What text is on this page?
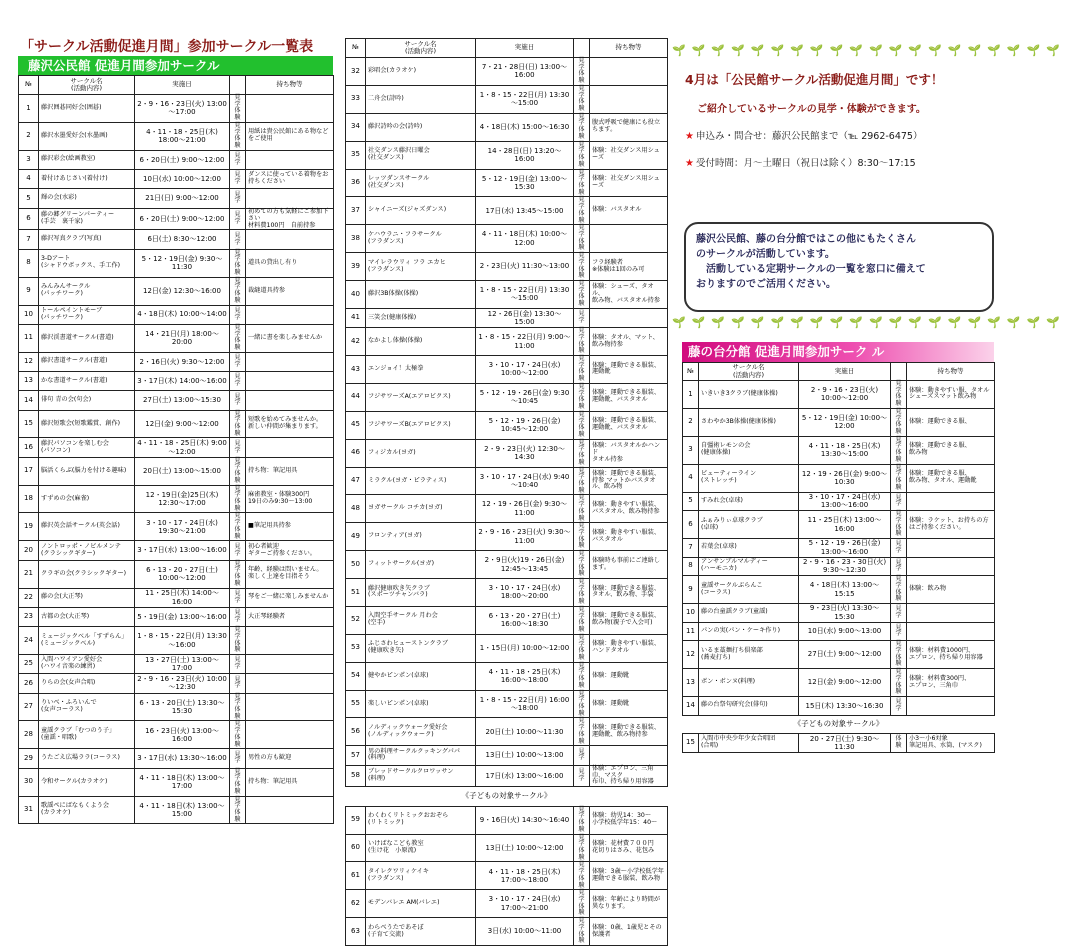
「サークル活動促進月間」参加サークル一覧表
藤沢公民館 促進月間参加サークル
№	サークル名
(活動内容)	実施日		持ち物等
1	藤沢囲碁同好会(囲碁)	2・9・16・23日(火) 13:00～17:00	見学
体験	
2	藤沢水墨愛好会(水墨画)	4・11・18・25日(木) 18:00～21:00	見学
体験	用紙は貴公民館にある物などをご使用
3	藤沢彩会(絵画教室)	6・20日(土) 9:00～12:00	見学	
4	着付けあじさい(着付け)	10日(水) 10:00～12:00	見学	ダンスに使っている着物をお持ちください
5	輝の会(水彩)	21日(日) 9:00～12:00	見学	
6	藤の郷グリーンパーティー
(手芸　裏千家)	6・20日(土) 9:00～12:00	見学	初めての方も気軽にご参加下さい
材料費100円　自前持参
7	藤沢写真クラブ(写真)	6日(土) 8:30～12:00	見学	
8	3-Dアート
(シャドウボックス、手工作)	5・12・19日(金) 9:30～11:30	見学
体験	道具の貸出し有り
9	みんみんサークル
(パッチワーク)	12日(金) 12:30～16:00	見学
体験	裁縫道具持参
10	トールペイントモーブ
(パッチワーク)	4・18日(木) 10:00～14:00	見学	
11	藤沢渓書道サークル(書道)	14・21日(月) 18:00～20:00	見学
体験	一緒に書を楽しみませんか
12	藤沢書道サークル(書道)	2・16日(火) 9:30～12:00	見学	
13	かな書道サークル(書道)	3・17日(木) 14:00～16:00	見学	
14	俳句 青の会(句会)	27日(土) 13:00～15:30	見学	
15	藤沢短歌会(短歌鑑賞、創作)	12日(金) 9:00～12:00	見学
体験	短歌を始めてみませんか。
新しい仲間が集まります。
16	藤沢パソコンを楽しむ会
(パソコン)	4・11・18・25日(木) 9:00～12:00	見学	
17	脳活くらぶ(脳力を付ける趣味)	20日(土) 13:00～15:00	見学
体験	持ち物：筆記用具
18	すずめの会(麻雀)	12・19日(金)25日(木) 12:30～17:00	見学
体験	麻雀教室・体験300円
19日のみ9:30～13:00
19	藤沢英会話サークル(英会話)	3・10・17・24日(水) 19:30～21:00	見学
体験	■筆記用具持参
20	ノントロッポ・ノビルメンテ
(クラシックギター)	3・17日(水) 13:00～16:00	見学	初心者歓迎
ギターご持参ください。
21	クラギの会(クラシックギター)	6・13・20・27日(土) 10:00～12:00	見学
体験	年齢、経験は問いません。
楽しく上達を目指そう
22	藤の会(大正琴)	11・25日(木) 14:00～16:00	見学	琴をご一緒に楽しみませんか
23	古都の会(大正琴)	5・19日(金) 13:00～16:00	見学	大正琴経験者
24	ミュージックベル「すずらん」
(ミュージックベル)	1・8・15・22日(月) 13:30～16:00	見学
体験	
25	入間ハワイアン愛好会
(ハワイ音楽の練習)	13・27日(土) 13:00～17:00	見学	
26	りらの会(女声合唱)	2・9・16・23日(火) 10:00～12:30	見学	
27	りいべ・ふろいんで
(女声コーラス)	6・13・20日(土) 13:30～15:30	見学
体験	
28	童謡クラブ「むつのう子」
(童謡・唱歌)	16・23日(火) 13:00～16:00	見学
体験	
29	うたごえ広場ララ(コーラス)	3・17日(水) 13:30～16:00	見学	男性の方も歓迎
30	令和サークル(カラオケ)	4・11・18日(木) 13:00～17:00	見学
体験	持ち物：筆記用具
31	歌謡ぺにばなもくよう会
(カラオケ)	4・11・18日(木) 13:00～15:00	見学
体験	
№	サークル名
(活動内容)	実施日		持ち物等
32	彩唱会(カラオケ)	7・21・28日(日) 13:00～16:00	見学
体験	
33	二舟会(詩吟)	1・8・15・22日(月) 13:30～15:00	見学
体験	
34	藤沢詩吟の会(詩吟)	4・18日(木) 15:00～16:30	見学
体験	腹式呼吸で健康にも役立ちます。
35	社交ダンス藤沢日曜会
(社交ダンス)	14・28日(日) 13:20～16:00	見学
体験	体験：社交ダンス用シューズ
36	レッツダンスサークル
(社交ダンス)	5・12・19日(金) 13:00～15:30	見学
体験	体験：社交ダンス用シューズ
37	シャイニーズ(ジャズダンス)	17日(水) 13:45～15:00	見学
体験	体験：バスタオル
38	ケハウラニ・フラサークル
(フラダンス)	4・11・18日(木) 10:00～12:00	見学
体験	
39	マイレラウリィ フラ エカヒ
(フラダンス)	2・23日(火) 11:30～13:00	見学
体験	フラ経験者
※体験は1回のみ可
40	藤沢3B体操(体操)	1・8・15・22日(月) 13:30～15:00	見学
体験	体験：シューズ、タオル、
飲み物、バスタオル持参
41	三笑会(健康体操)	12・26日(金) 13:30～15:00	見学	
42	なかよし体操(体操)	1・8・15・22日(月) 9:00～11:00	見学
体験	体験：タオル、マット、
飲み物持参
43	エンジョイ！太極拳	3・10・17・24日(水) 10:00～12:00	見学
体験	体験：運動できる服装、
運動靴
44	フジサワーズA(エアロビクス)	5・12・19・26日(金) 9:30～10:45	見学
体験	体験：運動できる服装、
運動靴、バスタオル
45	フジサワーズB(エアロビクス)	5・12・19・26日(金) 10:45～12:00	見学
体験	体験：運動できる服装、
運動靴、バスタオル
46	フィジカル(ヨガ)	2・9・23日(火) 12:30～14:30	見学
体験	体験：バスタオルかハンド
タオル持参
47	ミラクル(ヨガ・ピラティス)	3・10・17・24日(水) 9:40～10:40	見学
体験	体験：運動できる服装、
持参 マットかバスタオル、飲み物
48	ヨガサークル コチカ(ヨガ)	12・19・26日(金) 9:30～11:00	見学
体験	体験：動きやすい服装、
バスタオル、飲み物持参
49	フロンティア(ヨガ)	2・9・16・23日(火) 9:30～11:00	見学
体験	体験：動きやすい服装、
バスタオル
50	フィットサークル(ヨガ)	2・9日(火)19・26日(金) 12:45～13:45	見学
体験	体験時も事前にご連絡します。
51	藤沢健康吹き矢クラブ
(スポーツチャンバラ)	3・10・17・24日(水) 18:00～20:00	見学
体験	体験：運動できる服装、
タオル、飲み物、手袋
52	入間空手サークル 月わ会
(空手)	6・13・20・27日(土) 16:00～18:30	見学
体験	体験：運動できる服装、
飲み物(親子で入会可)
53	ふじさわヒューストンクラブ
(健康吹き矢)	1・15日(月) 10:00～12:00	見学
体験	体験：動きやすい服装、
ハンドタオル
54	健やかピンポン(卓球)	4・11・18・25日(木) 16:00～18:00	見学
体験	体験：運動靴
55	楽しいピンポン(卓球)	1・8・15・22日(月) 16:00～18:00	見学
体験	体験：運動靴
56	ノルディックウォーク愛好会
(ノルディックウォーク)	20日(土) 10:00～11:30	見学
体験	体験：運動できる服装、
運動靴、飲み物持参
57	男の料理サークルクッキングパパ
(料理)	13日(土) 10:00～13:00	見学	
58	ブレッドサークルクロワッサン
(料理)	17日(水) 13:00～16:00	見学	体験：エプロン、三角巾、マスク
布巾、持ち帰り用容器
《子どもの対象サークル》				
59	わくわくリトミックおおぞら
(リトミック)	9・16日(火) 14:30～16:40	見学
体験	体験：幼児14：30～
小学校低学年15：40～
60	いけばなこども教室
(生け花　小原流)	13日(土) 10:00～12:00	見学
体験	体験：花材費７００円
花切りはさみ、花包み
61	タイレクワリィケイキ
(フラダンス)	4・11・18・25日(木) 17:00～18:00	見学
体験	体験：3歳～小学校低学年
運動できる服装、飲み物
62	モデンバレエ AM(バレエ)	3・10・17・24日(水) 17:00～21:00	見学
体験	体験：年齢により時間が異なります。
63	わらべうたであそぼ
(子育て交流)	3日(水) 10:00～11:00	見学
体験	体験：0歳、1歳児とその保護者
🌱🌱🌱🌱🌱🌱🌱🌱🌱🌱🌱🌱🌱🌱🌱🌱🌱🌱🌱🌱
4月は「公民館サークル活動促進月間」です！
ご紹介しているサークルの見学・体験ができます。
★ 申込み・問合せ：藤沢公民館まで（℡ 2962-6475）
★ 受付時間：月～土曜日（祝日は除く）8:30～17:15

藤沢公民館、藤の台分館ではこの他にもたくさん

のサークルが活動しています。

　活動している定期サークルの一覧を窓口に備えて

おりますのでご活用ください。

🌱🌱🌱🌱🌱🌱🌱🌱🌱🌱🌱🌱🌱🌱🌱🌱🌱🌱🌱🌱
藤の台分館 促進月間参加サーク ル
№	サークル名
(活動内容)	実施日		持ち物等
1	いきいき3クラブ(健康体操)	2・9・16・23日(火) 10:00～12:00	見学
体験	体験：動きやすい服、タオルシューズスマット飲み物
2	さわやか3B体操(健康体操)	5・12・19日(金) 10:00～12:00	見学
体験	体験：運動できる服、
3	自彊術レモンの会
(健康体操)	4・11・18・25日(木) 13:30～15:00	見学
体験	体験：運動できる服、
飲み物
4	ビューティーライン
(ストレッチ)	12・19・26日(金) 9:00～10:30	見学
体験	体験：運動できる服、
飲み物、タオル、運動靴
5	すみれ会(卓球)	3・10・17・24日(水) 13:00～16:00	見学	
6	ふぁみりぃ卓球クラブ
(卓球)	11・25日(木) 13:00～16:00	見学
体験	体験：ラケット、お持ちの方はご持参ください。
7	若葉会(卓球)	5・12・19・26日(金) 13:00～16:00	見学	
8	アンサンブルマルディー
(ハーモニカ)	2・9・16・23・30日(火) 9:30～12:30	見学	
9	童謡サークルぶらんこ
(コーラス)	4・18日(木) 13:00～15:15	見学
体験	体験：飲み物
10	藤の台童謡クラブ(童謡)	9・23日(火) 13:30～15:30	見学	
11	パンの実(パン・ケーキ作り)	10日(水) 9:00～13:00	見学	
12	いるま藁麺打ち倶楽部
(蕎麦打ち)	27日(土) 9:00～12:00	見学
体験	体験：材料費1000円、
エプロン、持ち帰り用容器
13	ボン・ボンヌ(料理)	12日(金) 9:00～12:00	見学
体験	体験：材料費300円、
エプロン、三角巾
14	藤の台祭句研究会(俳句)	15日(木) 13:30～16:30	見学	
《子どもの対象サークル》				
15	入間市中央少年少女合唱団
(合唱)	20・27日(土) 9:30～11:30	体験	小3～小6対象
筆記用具、水筒、(マスク)
